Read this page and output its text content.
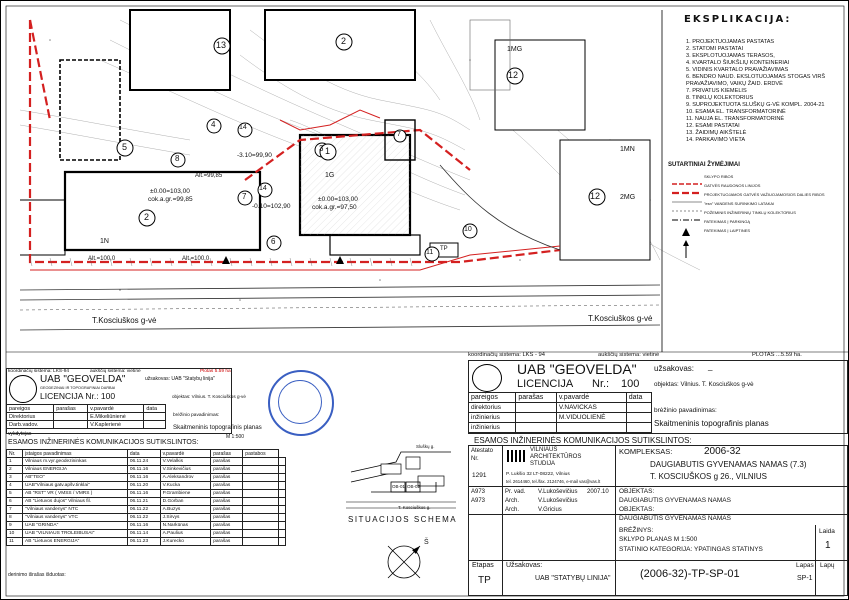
T.Kosciuškos g-vė	T.Kosciuškos g-vė
±0.00=103,00
cok.a.gr.=97,50
±0.00=103,00
cok.a.gr.=99,85
Alt.=100,0	Alt.=100,0
Alt.=99,85
-3.10=99,90
-0.10=102,90
13	2
5
4	14
3
8
7
14
2
1
7
6
10
11
12
12
1MG
1MN
2MG
1N
1G
TP
EKSPLIKACIJA:
1. PROJEKTUOJAMAS PASTATAS
2. STATOMI PASTATAI
3. EKSPLOTUOJAMAS TERASOS,
4. KVARTALO ŠIUKŠLIŲ KONTEINERIAI
5. VIDINIS KVARTALO PRAVAŽIAVIMAS
6. BENDRO NAUD. EKSLOTUOJAMAS STOGAS VIRŠ PRAVAŽIAVIMO, VAIKŲ ŽAID. ERDVĖ
7. PRIVATUS KIEMELIS
8. TINKLŲ KOLEKTORIUS
9. SUPROJEKTUOTA SLUŠKŲ G-VĖ KOMPL. 2004-21
10. ESAMA EL. TRANSFORMATORINĖ
11. NAUJA EL. TRANSFORMATORINĖ
12. ESAMI PASTATAI
13. ŽAIDIMŲ AIKŠTELĖ
14. PARKAVIMO VIETA
SUTARTINIAI ŽYMĖJIMAI
SKLYPO RIBOS
GATVĖS RAUDONOS LINIJOS
PROJEKTUOJAMOS GATVĖS VAŽIUOJAMOSIOS DALIES RIBOS
"esn" VANDENS SURINKIMO LATAKAI
POŽEMINIS INŽINERINIŲ TINKLŲ KOLEKTORIUS
PATEKIMAS Į PARKINGĄ
PATEKIMAS Į LAIPTINES
koordinačių sistema: LKS - 94	aukščių sistema: vietinė	PLOTAS ...5.59 ha.
koordinačių sistema: LKS-94	aukščių sistema: vietinė	Plotas 5.59 ha
UAB "GEOVELDA"
GEODEZINIAI IR TOPOGRAFINIAI DARBAI
LICENCIJA Nr.: 100
užsakovas: UAB "Statybų linija"
objektas: Vilnius. T. Kosciuškos g-vė
pareigos	parašas	v.pavardė	data
Direktorius		E.Mikeliūnienė	
Darb.vadov.		V.Kaplerienė	
vykdytojas
brėžinio pavadinimas:
Skaitmeninis topografinis planas
M 1:500
ESAMOS INŽINERINĖS KOMUNIKACIJOS SUTIKSLINTOS:
Nr.	įstaigos pavadinimas	data	v.pavardė	parašas	pastabos	
1	Vilniaus m.vyr.geodezininkas	06.11.24	V.Velalkis	parašas		
2	Vilniaus ENERGIJA	06.11.16	V.Sinkevičius	parašas		
3	AB"TEO"	06.11.16	A.Aleksandrov	parašas		
4	UAB"Vilniaus gatv.apšv.tinklai"	06.11.20	V.Kucka	parašas		
5	AB "RST" VR ( VMSS / VMRS )	06.11.16	P.Grambiene	parašas		
6	AB "Lietuvos dujos" Vilniaus fil.	06.11.21	D.Gorban	parašas		
7	"Vilniaus vandenys" NTC	06.11.22	A.Buzys	parašas		
8	"Vilniaus vandenys" VTC	06.11.22	J.Sirvys	parašas		
9	UAB "GRINDA"	06.11.16	N.Narkūnas	parašas		
10	UAB "VILNIAUS TROLEIBUSAI"	06.11.14	A.Paulius	parašas		
11	AB "Lietuvos ENERGIJA"	06.11.23	J.Kurecko	parašas		
derinimo išrašas išduotas:
UAB "GEOVELDA"
LICENCIJA Nr.: 100
užsakovas: _
objektas: Vilnius. T. Kosciuškos g-vė
pareigos	parašas	v.pavardė	data
direktorius		V.NAVICKAS	
inžinierius		M.VIDUOLIENĖ	
inžinierius			
brėžinio pavadinimas:
Skaitmeninis topografinis planas
ESAMOS INŽINERINĖS KOMUNIKACIJOS SUTIKSLINTOS:
Sluškų g.
T. Kosciuškos g.
OB-01 OB-02
Š
SITUACIJOS SCHEMA
Atestato Nr.
1291
VILNIAUS
ARCHITEKTŪROS
STUDIJA
P. Lukšio 32 LT-08222, Vilnius
tel. 2614460, tel./fax. 2124746, e-mail vas@vas.lt
KOMPLEKSAS:	2006-32
DAUGIABUTIS GYVENAMAS NAMAS (7.3)
T. KOSCIUŠKOS g 26., VILNIUS
A973	Pr. vad. V.Lukoševičius 2007.10
A973	Arch.	V.Lukoševičius
Arch.	V.Gricius
OBJEKTAS:
DAUGIABUTIS GYVENAMAS NAMAS
OBJEKTAS:
DAUGIABUTIS GYVENAMAS NAMAS
BRĖŽINYS:
SKLYPO PLANAS M 1:500
STATINIO KATEGORIJA: YPATINGAS STATINYS
Laida
1
Etapas
TP
Užsakovas:
UAB "STATYBŲ LINIJA"	(2006-32)-TP-SP-01
Lapas
SP-1
Lapų
